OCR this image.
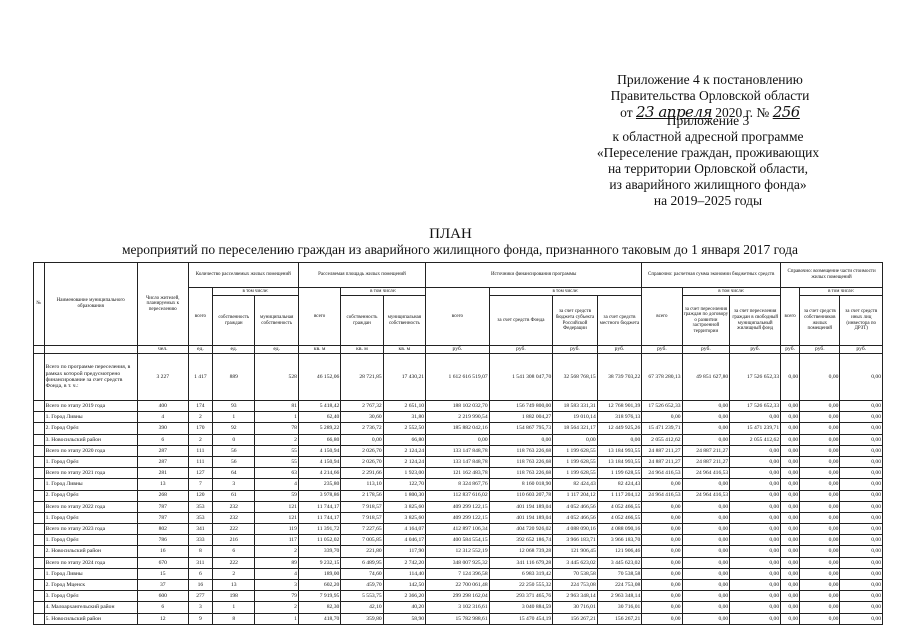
Приложение 4 к постановлению
Правительства Орловской области
от 23 апреля 2020 г. № 256
Приложение 3
к областной адресной программе
«Переселение граждан, проживающих
на территории Орловской области,
из аварийного жилищного фонда»
на 2019–2025 годы
ПЛАН
мероприятий по переселению граждан из аварийного жилищного фонда, признанного таковым до 1 января 2017 года
№	Наименование муниципального образования	Число жителей, планируемых к переселению	Количество расселяемых жилых помещений			Расселяемая площадь жилых помещений			Источники финансирования программы				Справочно: расчетная сумма экономии бюджетных средств			Справочно: возмещение части стоимости жилых помещений		
			всего	в том числе:		всего	в том числе:		всего	в том числе:			всего	в том числе:		всего	в том числе:	
				собственность граждан	муниципальная собственность		собственность граждан	муниципальная собственность		за счет средств Фонда	за счет средств бюджета субъекта Российской Федерации	за счет средств местного бюджета		за счет переселения граждан по договору о развитии застроенной территории	за счет переселения граждан в свободный муниципальный жилищный фонд		за счет средств собственников жилых помещений	за счет средств иных лиц (инвестора по ДРЗТ)
		чел.	ед.	ед.	ед.	кв. м	кв. м	кв. м	руб.	руб.	руб.	руб.	руб.	руб.	руб.	руб.	руб.	руб.
	Всего по программе переселения, в рамках которой предусмотрено финансирование за счет средств Фонда, в т. ч.:	3 227	1 417	889	528	46 152,06	28 721,85	17 430,21	1 612 616 519,07	1 541 308 047,70	32 568 768,15	38 739 703,22	67 378 280,13	49 851 627,80	17 526 652,33	0,00	0,00	0,00
	Всего по этапу 2019 года	400	174	93	81	5 418,42	2 767,32	2 651,10	188 102 032,70	156 749 800,00	18 583 331,31	12 768 901,39	17 526 652,33	0,00	17 526 652,33	0,00	0,00	0,00
	1. Город Ливны	4	2	1	1	62,40	30,60	31,80	2 219 990,54	1 882 004,27	19 010,14	318 976,13	0,00	0,00	0,00	0,00	0,00	0,00
	2. Город Орёл	390	170	92	78	5 289,22	2 736,72	2 552,50	185 882 042,16	154 867 795,73	18 564 321,17	12 449 925,26	15 471 239,71	0,00	15 471 239,71	0,00	0,00	0,00
	3. Новосильский район	6	2	0	2	66,80	0,00	66,80	0,00	0,00	0,00	0,00	2 055 412,62	0,00	2 055 412,62	0,00	0,00	0,00
	Всего по этапу 2020 года	287	111	56	55	4 150,94	2 026,70	2 124,24	133 147 848,78	118 763 226,68	1 199 628,55	13 184 993,55	24 887 211,27	24 887 211,27	0,00	0,00	0,00	0,00
	1. Город Орёл	287	111	56	55	4 150,94	2 026,70	2 124,24	133 147 848,78	118 763 226,68	1 199 628,55	13 184 993,55	24 887 211,27	24 887 211,27	0,00	0,00	0,00	0,00
	Всего по этапу 2021 года	281	127	64	63	4 214,66	2 291,66	1 923,00	121 162 483,78	118 763 226,68	1 199 628,55	1 199 628,55	24 964 416,53	24 964 416,53	0,00	0,00	0,00	0,00
	1. Город Ливны	13	7	3	4	235,80	113,10	122,70	8 324 867,76	8 160 018,90	82 424,43	82 424,43	0,00	0,00	0,00	0,00	0,00	0,00
	2. Город Орёл	268	120	61	59	3 978,86	2 178,56	1 800,30	112 837 616,02	110 603 207,78	1 117 204,12	1 117 204,12	24 964 416,53	24 964 416,53	0,00	0,00	0,00	0,00
	Всего по этапу 2022 года	787	353	232	121	11 744,17	7 918,57	3 825,60	409 299 122,15	401 194 189,04	4 052 466,56	4 052 466,55	0,00	0,00	0,00	0,00	0,00	0,00
	1. Город Орёл	787	353	232	121	11 744,17	7 918,57	3 825,60	409 299 122,15	401 194 189,04	4 052 466,56	4 052 466,55	0,00	0,00	0,00	0,00	0,00	0,00
	Всего по этапу 2023 года	802	341	222	119	11 391,72	7 227,65	4 164,07	412 897 106,34	404 720 926,02	4 088 090,16	4 088 090,16	0,00	0,00	0,00	0,00	0,00	0,00
	1. Город Орёл	786	333	216	117	11 052,02	7 005,85	4 046,17	400 584 554,15	392 652 186,74	3 966 183,71	3 966 183,70	0,00	0,00	0,00	0,00	0,00	0,00
	2. Новосильский район	16	8	6	2	339,70	221,80	117,90	12 312 552,19	12 068 739,28	121 906,45	121 906,46	0,00	0,00	0,00	0,00	0,00	0,00
	Всего по этапу 2024 года	670	311	222	89	9 232,15	6 489,95	2 742,20	348 007 925,32	341 116 679,28	3 445 623,02	3 445 623,02	0,00	0,00	0,00	0,00	0,00	0,00
	1. Город Ливны	15	6	2	4	189,00	74,60	114,40	7 124 396,58	6 983 319,42	70 538,58	70 538,58	0,00	0,00	0,00	0,00	0,00	0,00
	2. Город Мценск	37	16	13	3	602,20	459,70	142,50	22 700 061,48	22 250 555,32	224 753,08	224 753,08	0,00	0,00	0,00	0,00	0,00	0,00
	3. Город Орёл	600	277	198	79	7 919,95	5 553,75	2 366,20	299 298 162,04	293 371 465,76	2 963 348,14	2 963 348,14	0,00	0,00	0,00	0,00	0,00	0,00
	4. Малоархангельский район	6	3	1	2	82,30	42,10	40,20	3 102 316,61	3 040 884,59	30 716,01	30 716,01	0,00	0,00	0,00	0,00	0,00	0,00
	5. Новосильский район	12	9	8	1	418,70	359,80	58,90	15 782 988,61	15 470 454,19	156 267,21	156 267,21	0,00	0,00	0,00	0,00	0,00	0,00
